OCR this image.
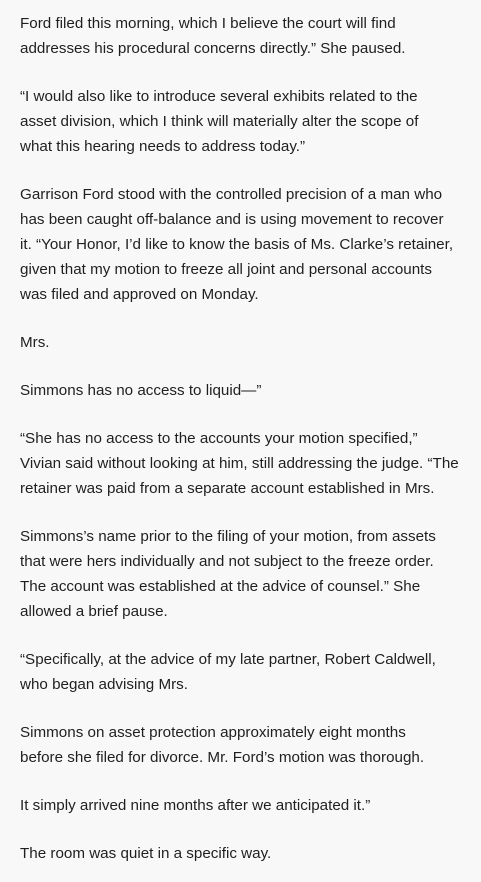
Ford filed this morning, which I believe the court will find
addresses his procedural concerns directly.” She paused.

“I would also like to introduce several exhibits related to the
asset division, which I think will materially alter the scope of
what this hearing needs to address today.”

Garrison Ford stood with the controlled precision of a man who
has been caught off-balance and is using movement to recover
it. “Your Honor, I’d like to know the basis of Ms. Clarke’s retainer,
given that my motion to freeze all joint and personal accounts
was filed and approved on Monday.

Mrs.

Simmons has no access to liquid—”

“She has no access to the accounts your motion specified,”
Vivian said without looking at him, still addressing the judge. “The
retainer was paid from a separate account established in Mrs.

Simmons’s name prior to the filing of your motion, from assets
that were hers individually and not subject to the freeze order.
The account was established at the advice of counsel.” She
allowed a brief pause.

“Specifically, at the advice of my late partner, Robert Caldwell,
who began advising Mrs.

Simmons on asset protection approximately eight months
before she filed for divorce. Mr. Ford’s motion was thorough.

It simply arrived nine months after we anticipated it.”

The room was quiet in a specific way.
